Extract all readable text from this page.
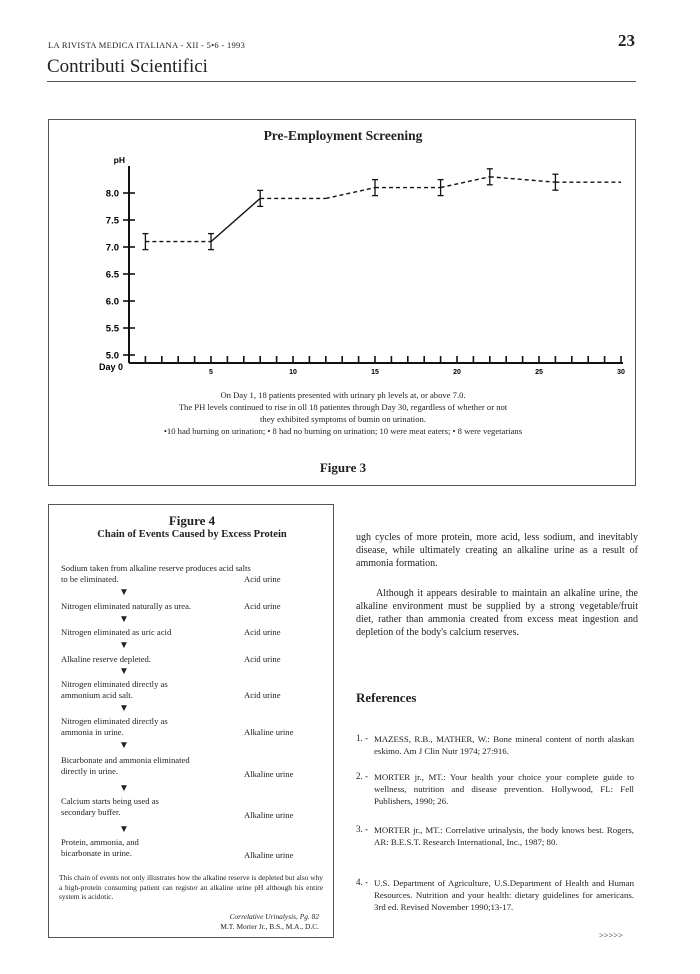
LA RIVISTA MEDICA ITALIANA - XII - 5•6 - 1993	23
Contributi Scientifici
5.0
5.5
6.0
6.5
7.0
7.5
8.0
pH
5	10	15	20	25	30
Day 0
Pre-Employment Screening
On Day 1, 18 patients presented with urinary ph levels at, or above 7.0.
The PH levels continued to rise in oll 18 patientes through Day 30, regardless of whether or not
they exhibited symptoms of bumin on urination.
•10 had burning on urination; • 8 had no burning on urination; 10 were meat eaters; • 8 were vegetarians
Figure 3
Figure 4
Chain of Events Caused by Excess Protein
Sodium taken from alkaline reserve produces acid salts to be eliminated.	Acid urine
▼
Nitrogen eliminated naturally as urea.	Acid urine
▼
Nitrogen eliminated as uric acid	Acid urine
▼
Alkaline reserve depleted.	Acid urine
▼
Nitrogen eliminated directly as ammonium acid salt.	Acid urine
▼
Nitrogen eliminated directly as ammonia in urine.	Alkaline urine
▼
Bicarbonate and ammonia eliminated directly in urine.	Alkaline urine
▼
Calcium starts being used as secondary buffer.	Alkaline urine
▼
Protein, ammonia, and bicarbonate in urine.	Alkaline urine
This chain of events not only illustrates how the alkaline reserve is depleted but also why a high-protein consuming patient can register an alkaline urine pH although his entire system is acidotic.
Correlative Urinalysis, Pg. 82
M.T. Morter Jr., B.S., M.A., D.C.
ugh cycles of more protein, more acid, less sodium, and inevitably disease, while ultimately creating an alkaline urine as a result of ammonia formation.
Although it appears desirable to maintain an alkaline urine, the alkaline environment must be supplied by a strong vegetable/fruit diet, rather than ammonia created from excess meat ingestion and depletion of the body's calcium reserves.
References
1. - MAZESS, R.B., MATHER, W.: Bone mineral content of north alaskan eskimo. Am J Clin Nutr 1974; 27:916.
2. - MORTER jr., MT.: Your health your choice your complete guide to wellness, nutrition and disease prevention. Hollywood, FL: Fell Publishers, 1990; 26.
3. - MORTER jr., MT.: Correlative urinalysis, the body knows best. Rogers, AR: B.E.S.T. Research International, Inc., 1987; 80.
4. - U.S. Department of Agriculture, U.S.Department of Health and Human Resources. Nutrition and your health: dietary guidelines for americans. 3rd ed. Revised November 1990;13-17.
>>>>>
